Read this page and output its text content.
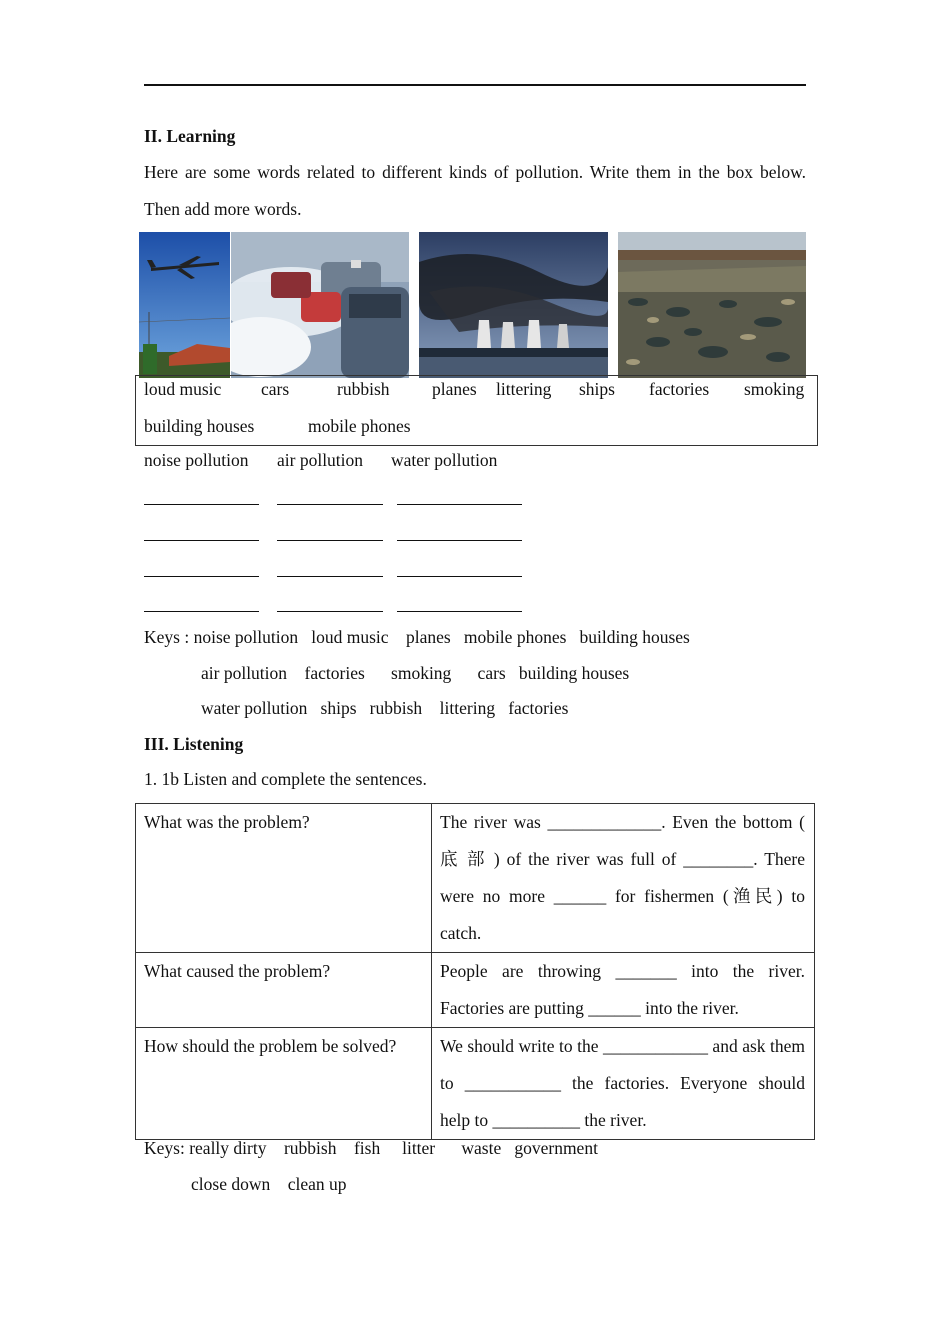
II. Learning
Here are some words related to different kinds of pollution. Write them in the box below. Then add more words.
loud music cars	rubbish planes littering ships factories smoking
building houses	mobile phones
noise pollution air pollution water pollution
Keys : noise pollution   loud music    planes   mobile phones   building houses
air pollution    factories      smoking      cars   building houses
water pollution   ships   rubbish    littering   factories
III. Listening
1. 1b Listen and complete the sentences.
What was the problem?	The river was _____________. Even the bottom ( 底 部 ) of the river was full of ________. There were no more ______ for fishermen (渔民) to catch.
What caused the problem?	People are throwing _______ into the river. Factories are putting ______ into the river.
How should the problem be solved?	We should write to the ____________ and ask them to ___________ the factories. Everyone should help to __________ the river.
Keys: really dirty    rubbish    fish     litter      waste   government
close down    clean up
